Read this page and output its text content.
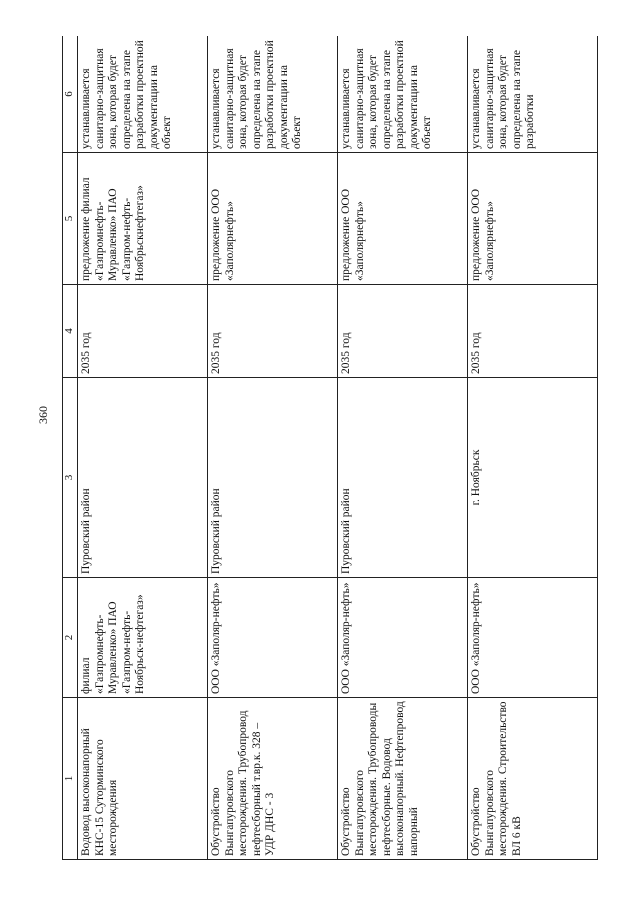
360
1	2	3	4	5	6
Водовод высоконапорный КНС-15 Суторминского месторождения	филиал «Газпромнефть-Муравленко» ПАО «Газпром-нефть-Ноябрьск-нефтегаз»	Пуровский район	2035 год	предложение филиал «Газпромнефть-Муравленко» ПАО «Газпром-нефть-Ноябрьскнефтегаз»	устанавливается санитарно-защитная зона, которая будет определена на этапе разработки проектной документации на объект
Обустройство Вынгапуровского месторождения. Трубопровод нефтесборный т.вр.к. 328 – УДР ДНС - 3	ООО «Заполяр-нефть»	Пуровский район	2035 год	предложение ООО «Заполярнефть»	устанавливается санитарно-защитная зона, которая будет определена на этапе разработки проектной документации на объект
Обустройство Вынгапуровского месторождения. Трубопроводы нефтесборные. Водовод высоконапорный. Нефтепровод напорный	ООО «Заполяр-нефть»	Пуровский район	2035 год	предложение ООО «Заполярнефть»	устанавливается санитарно-защитная зона, которая будет определена на этапе разработки проектной документации на объект
Обустройство Вынгапуровского месторождения. Строительство ВЛ 6 кВ	ООО «Заполяр-нефть»	г. Ноябрьск	2035 год	предложение ООО «Заполярнефть»	устанавливается санитарно-защитная зона, которая будет определена на этапе разработки
